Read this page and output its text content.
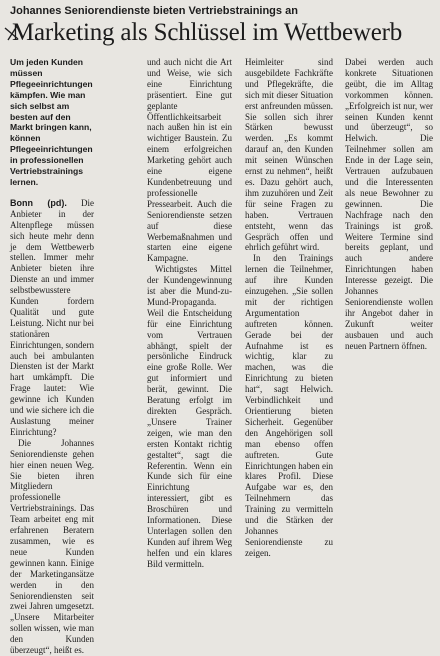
Johannes Seniorendienste bieten Vertriebstrainings an
Marketing als Schlüssel im Wettbewerb
Um jeden Kunden müssen Pflegeeinrichtungen kämpfen. Wie man sich selbst am besten auf den Markt bringen kann, können Pflegeeinrichtungen in professionellen Vertriebstrainings lernen.

Bonn (pd). Die Anbieter in der Altenpflege müssen sich heute mehr denn je dem Wettbewerb stellen. Immer mehr Anbieter bieten ihre Dienste an und immer selbstbewusstere Kunden fordern Qualität und gute Leistung. Nicht nur bei stationären Einrichtungen, sondern auch bei ambulanten Diensten ist der Markt hart umkämpft. Die Frage lautet: Wie gewinne ich Kunden und wie sichere ich die Auslastung meiner Einrichtung?

Die Johannes Seniorendienste gehen hier einen neuen Weg. Sie bieten ihren Mitgliedern professionelle Vertriebstrainings. Das Team arbeitet eng mit erfahrenen Beratern zusammen, wie es neue Kunden gewinnen kann. Einige der Marketingansätze werden in den Seniorendiensten seit zwei Jahren umgesetzt. „Unsere Mitarbeiter sollen wissen, wie man den Kunden überzeugt“, heißt es.

und auch nicht die Art und Weise, wie sich eine Einrichtung präsentiert. Eine gut geplante Öffentlichkeitsarbeit nach außen hin ist ein wichtiger Baustein. Zu einem erfolgreichen Marketing gehört auch eine eigene Kundenbetreuung und professionelle Pressearbeit. Auch die Seniorendienste setzen auf diese Werbemaßnahmen und starten eine eigene Kampagne.

Wichtigstes Mittel der Kundengewinnung ist aber die Mund-zu-Mund-Propaganda. Weil die Entscheidung für eine Einrichtung vom Vertrauen abhängt, spielt der persönliche Eindruck eine große Rolle. Wer gut informiert und berät, gewinnt. Die Beratung erfolgt im direkten Gespräch. „Unsere Trainer zeigen, wie man den ersten Kontakt richtig gestaltet“, sagt die Referentin. Wenn ein Kunde sich für eine Einrichtung interessiert, gibt es Broschüren und Informationen. Diese Unterlagen sollen den Kunden auf ihrem Weg helfen und ein klares Bild vermitteln.

Heimleiter sind ausgebildete Fachkräfte und Pflegekräfte, die sich mit dieser Situation erst anfreunden müssen. Sie sollen sich ihrer Stärken bewusst werden. „Es kommt darauf an, den Kunden mit seinen Wünschen ernst zu nehmen“, heißt es. Dazu gehört auch, ihm zuzuhören und Zeit für seine Fragen zu haben. Vertrauen entsteht, wenn das Gespräch offen und ehrlich geführt wird.

In den Trainings lernen die Teilnehmer, auf ihre Kunden einzugehen. „Sie sollen mit der richtigen Argumentation auftreten können. Gerade bei der Aufnahme ist es wichtig, klar zu machen, was die Einrichtung zu bieten hat“, sagt Helwich. Verbindlichkeit und Orientierung bieten Sicherheit. Gegenüber den Angehörigen soll man ebenso offen auftreten. Gute Einrichtungen haben ein klares Profil. Diese Aufgabe war es, den Teilnehmern das Training zu vermitteln und die Stärken der Johannes Seniorendienste zu zeigen.

Dabei werden auch konkrete Situationen geübt, die im Alltag vorkommen können. „Erfolgreich ist nur, wer seinen Kunden kennt und überzeugt“, so Helwich. Die Teilnehmer sollen am Ende in der Lage sein, Vertrauen aufzubauen und die Interessenten als neue Bewohner zu gewinnen. Die Nachfrage nach den Trainings ist groß. Weitere Termine sind bereits geplant, und auch andere Einrichtungen haben Interesse gezeigt. Die Johannes Seniorendienste wollen ihr Angebot daher in Zukunft weiter ausbauen und auch neuen Partnern öffnen.
